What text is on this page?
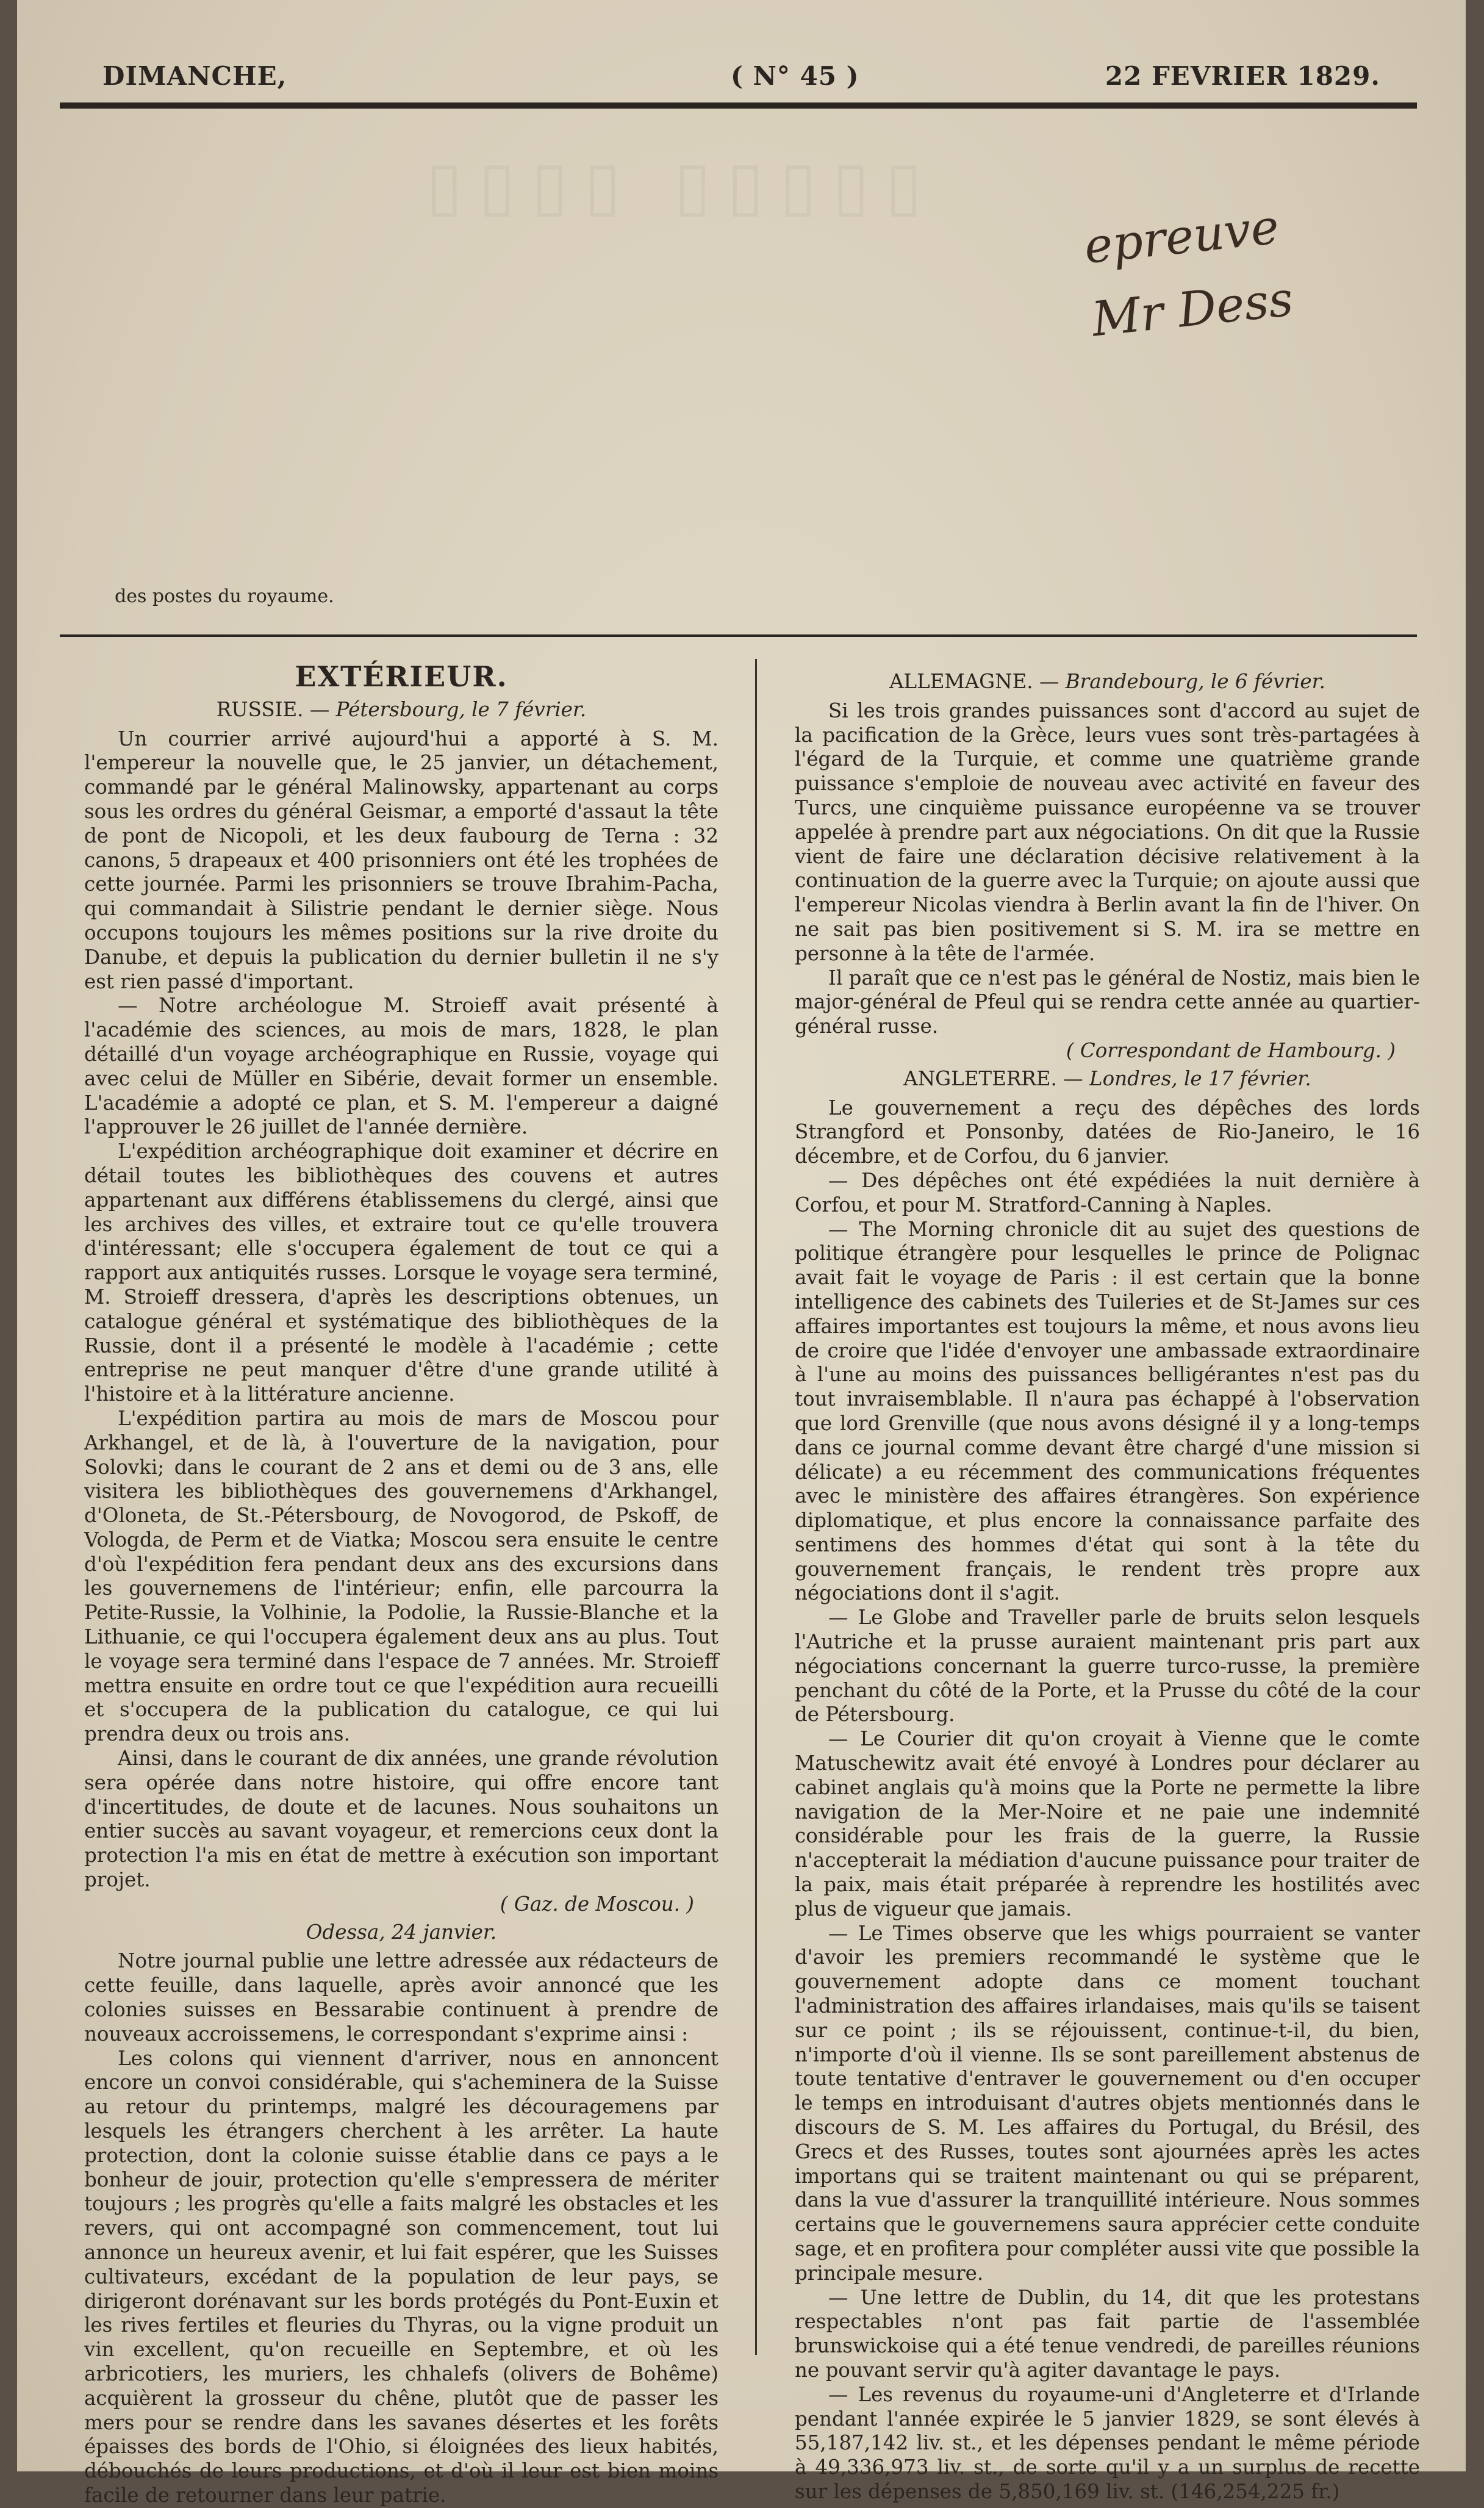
DIMANCHE,	( N° 45 )	22 FEVRIER 1829.
▯▯▯▯ ▯▯▯▯▯
epreuve
Mr Dess
des postes du royaume.
EXTÉRIEUR.
RUSSIE. — Pétersbourg, le 7 février.

Un courrier arrivé aujourd'hui a apporté à S. M. l'empereur la nouvelle que, le 25 janvier, un détachement, commandé par le général Malinowsky, appartenant au corps sous les ordres du général Geismar, a emporté d'assaut la tête de pont de Nicopoli, et les deux faubourg de Terna : 32 canons, 5 drapeaux et 400 prisonniers ont été les trophées de cette journée. Parmi les prisonniers se trouve Ibrahim-Pacha, qui commandait à Silistrie pendant le dernier siège. Nous occupons toujours les mêmes positions sur la rive droite du Danube, et depuis la publication du dernier bulletin il ne s'y est rien passé d'important.

— Notre archéologue M. Stroieff avait présenté à l'académie des sciences, au mois de mars, 1828, le plan détaillé d'un voyage archéographique en Russie, voyage qui avec celui de Müller en Sibérie, devait former un ensemble. L'académie a adopté ce plan, et S. M. l'empereur a daigné l'approuver le 26 juillet de l'année dernière.

L'expédition archéographique doit examiner et décrire en détail toutes les bibliothèques des couvens et autres appartenant aux différens établissemens du clergé, ainsi que les archives des villes, et extraire tout ce qu'elle trouvera d'intéressant; elle s'occupera également de tout ce qui a rapport aux antiquités russes. Lorsque le voyage sera terminé, M. Stroieff dressera, d'après les descriptions obtenues, un catalogue général et systématique des bibliothèques de la Russie, dont il a présenté le modèle à l'académie ; cette entreprise ne peut manquer d'être d'une grande utilité à l'histoire et à la littérature ancienne.

L'expédition partira au mois de mars de Moscou pour Arkhangel, et de là, à l'ouverture de la navigation, pour Solovki; dans le courant de 2 ans et demi ou de 3 ans, elle visitera les bibliothèques des gouvernemens d'Arkhangel, d'Oloneta, de St.-Pétersbourg, de Novogorod, de Pskoff, de Vologda, de Perm et de Viatka; Moscou sera ensuite le centre d'où l'expédition fera pendant deux ans des excursions dans les gouvernemens de l'intérieur; enfin, elle parcourra la Petite-Russie, la Volhinie, la Podolie, la Russie-Blanche et la Lithuanie, ce qui l'occupera également deux ans au plus. Tout le voyage sera terminé dans l'espace de 7 années. Mr. Stroieff mettra ensuite en ordre tout ce que l'expédition aura recueilli et s'occupera de la publication du catalogue, ce qui lui prendra deux ou trois ans.

Ainsi, dans le courant de dix années, une grande révolution sera opérée dans notre histoire, qui offre encore tant d'incertitudes, de doute et de lacunes. Nous souhaitons un entier succès au savant voyageur, et remercions ceux dont la protection l'a mis en état de mettre à exécution son important projet.

( Gaz. de Moscou. )

Odessa, 24 janvier.

Notre journal publie une lettre adressée aux rédacteurs de cette feuille, dans laquelle, après avoir annoncé que les colonies suisses en Bessarabie continuent à prendre de nouveaux accroissemens, le correspondant s'exprime ainsi :

Les colons qui viennent d'arriver, nous en annoncent encore un convoi considérable, qui s'acheminera de la Suisse au retour du printemps, malgré les découragemens par lesquels les étrangers cherchent à les arrêter. La haute protection, dont la colonie suisse établie dans ce pays a le bonheur de jouir, protection qu'elle s'empressera de mériter toujours ; les progrès qu'elle a faits malgré les obstacles et les revers, qui ont accompagné son commencement, tout lui annonce un heureux avenir, et lui fait espérer, que les Suisses cultivateurs, excédant de la population de leur pays, se dirigeront dorénavant sur les bords protégés du Pont-Euxin et les rives fertiles et fleuries du Thyras, ou la vigne produit un vin excellent, qu'on recueille en Septembre, et où les arbricotiers, les muriers, les chhalefs (olivers de Bohême) acquièrent la grosseur du chêne, plutôt que de passer les mers pour se rendre dans les savanes désertes et les forêts épaisses des bords de l'Ohio, si éloignées des lieux habités, débouchés de leurs productions, et d'où il leur est bien moins facile de retourner dans leur patrie.

ALLEMAGNE. — Brandebourg, le 6 février.

Si les trois grandes puissances sont d'accord au sujet de la pacification de la Grèce, leurs vues sont très-partagées à l'égard de la Turquie, et comme une quatrième grande puissance s'emploie de nouveau avec activité en faveur des Turcs, une cinquième puissance européenne va se trouver appelée à prendre part aux négociations. On dit que la Russie vient de faire une déclaration décisive relativement à la continuation de la guerre avec la Turquie; on ajoute aussi que l'empereur Nicolas viendra à Berlin avant la fin de l'hiver. On ne sait pas bien positivement si S. M. ira se mettre en personne à la tête de l'armée.

Il paraît que ce n'est pas le général de Nostiz, mais bien le major-général de Pfeul qui se rendra cette année au quartier-général russe.

( Correspondant de Hambourg. )

ANGLETERRE. — Londres, le 17 février.

Le gouvernement a reçu des dépêches des lords Strangford et Ponsonby, datées de Rio-Janeiro, le 16 décembre, et de Corfou, du 6 janvier.

— Des dépêches ont été expédiées la nuit dernière à Corfou, et pour M. Stratford-Canning à Naples.

— The Morning chronicle dit au sujet des questions de politique étrangère pour lesquelles le prince de Polignac avait fait le voyage de Paris : il est certain que la bonne intelligence des cabinets des Tuileries et de St-James sur ces affaires importantes est toujours la même, et nous avons lieu de croire que l'idée d'envoyer une ambassade extraordinaire à l'une au moins des puissances belligérantes n'est pas du tout invraisemblable. Il n'aura pas échappé à l'observation que lord Grenville (que nous avons désigné il y a long-temps dans ce journal comme devant être chargé d'une mission si délicate) a eu récemment des communications fréquentes avec le ministère des affaires étrangères. Son expérience diplomatique, et plus encore la connaissance parfaite des sentimens des hommes d'état qui sont à la tête du gouvernement français, le rendent très propre aux négociations dont il s'agit.

— Le Globe and Traveller parle de bruits selon lesquels l'Autriche et la prusse auraient maintenant pris part aux négociations concernant la guerre turco-russe, la première penchant du côté de la Porte, et la Prusse du côté de la cour de Pétersbourg.

— Le Courier dit qu'on croyait à Vienne que le comte Matuschewitz avait été envoyé à Londres pour déclarer au cabinet anglais qu'à moins que la Porte ne permette la libre navigation de la Mer-Noire et ne paie une indemnité considérable pour les frais de la guerre, la Russie n'accepterait la médiation d'aucune puissance pour traiter de la paix, mais était préparée à reprendre les hostilités avec plus de vigueur que jamais.

— Le Times observe que les whigs pourraient se vanter d'avoir les premiers recommandé le système que le gouvernement adopte dans ce moment touchant l'administration des affaires irlandaises, mais qu'ils se taisent sur ce point ; ils se réjouissent, continue-t-il, du bien, n'importe d'où il vienne. Ils se sont pareillement abstenus de toute tentative d'entraver le gouvernement ou d'en occuper le temps en introduisant d'autres objets mentionnés dans le discours de S. M. Les affaires du Portugal, du Brésil, des Grecs et des Russes, toutes sont ajournées après les actes importans qui se traitent maintenant ou qui se préparent, dans la vue d'assurer la tranquillité intérieure. Nous sommes certains que le gouvernemens saura apprécier cette conduite sage, et en profitera pour compléter aussi vite que possible la principale mesure.

— Une lettre de Dublin, du 14, dit que les protestans respectables n'ont pas fait partie de l'assemblée brunswickoise qui a été tenue vendredi, de pareilles réunions ne pouvant servir qu'à agiter davantage le pays.

— Les revenus du royaume-uni d'Angleterre et d'Irlande pendant l'année expirée le 5 janvier 1829, se sont élevés à 55,187,142 liv. st., et les dépenses pendant le même période à 49,336,973 liv. st., de sorte qu'il y a un surplus de recette sur les dépenses de 5,850,169 liv. st. (146,254,225 fr.)
